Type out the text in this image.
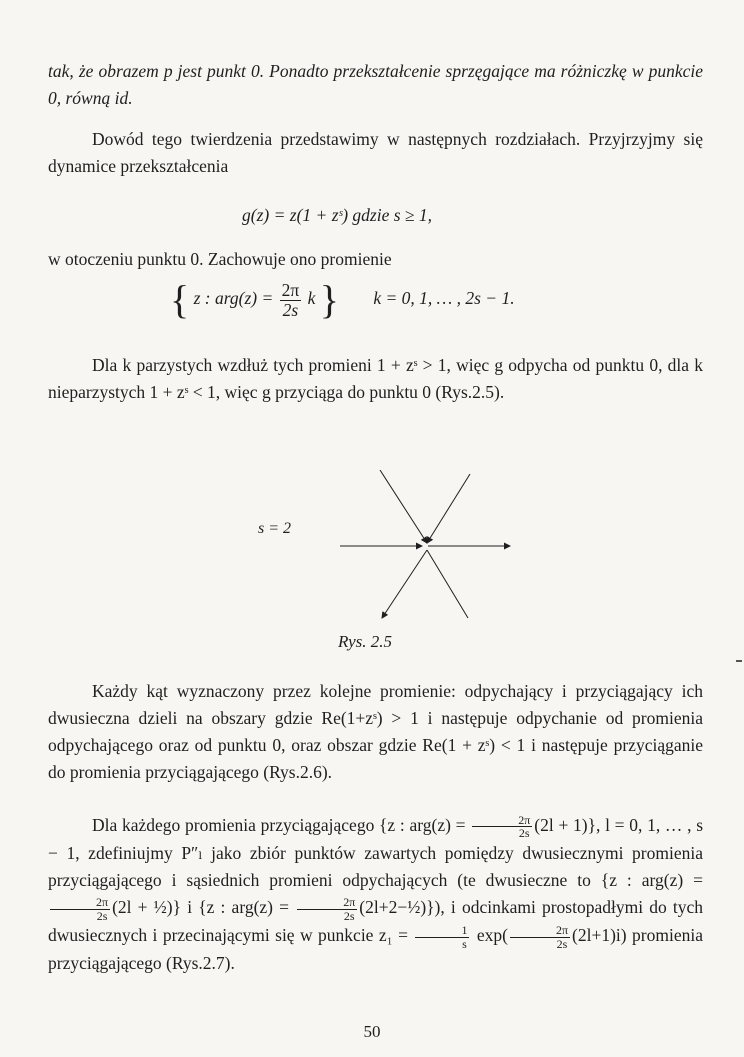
tak, że obrazem p jest punkt 0. Ponadto przekształcenie sprzęgające ma różniczkę w punkcie 0, równą id.
Dowód tego twierdzenia przedstawimy w następnych rozdziałach. Przyjrzyjmy się dynamice przekształcenia
g(z) = z(1 + zˢ) gdzie s ≥ 1,
w otoczeniu punktu 0. Zachowuje ono promienie
{ z : $arg(z) = \frac{2\pi}{2s}$ k } k = 0, 1, … , 2s − 1.
Dla k parzystych wzdłuż tych promieni 1 + zˢ > 1, więc g odpycha od punktu 0, dla k nieparzystych 1 + zˢ < 1, więc g przyciąga do punktu 0 (Rys.2.5).
s = 2
Rys. 2.5
Każdy kąt wyznaczony przez kolejne promienie: odpychający i przyciągający ich dwusieczna dzieli na obszary gdzie Re(1+zˢ) > 1 i następuje odpychanie od promienia odpychającego oraz od punktu 0, oraz obszar gdzie Re(1 + zˢ) < 1 i następuje przyciąganie do promienia przyciągającego (Rys.2.6).
Dla każdego promienia przyciągającego {z : $arg(z) = \frac{2\pi}{2s} (2l + 1)$}, l = 0, 1, … , s − 1, zdefiniujmy P″ₗ jako zbiór punktów zawartych pomiędzy dwusiecznymi promienia przyciągającego i sąsiednich promieni odpychających (te dwusieczne to {z : arg(z) =
$\frac{2\pi}{2s} (2l$ + ½)} i {z : $arg(z) = \frac{2\pi}{2s}$ (2l+2−½)}), i odcinkami prostopadłymi do tych dwusiecznych i przecinającymi się w punkcie $z_1 = \frac{1}{s} \exp( \frac{2\pi}{2s} (2l+1)i)$ promienia przyciągającego (Rys.2.7).
50
